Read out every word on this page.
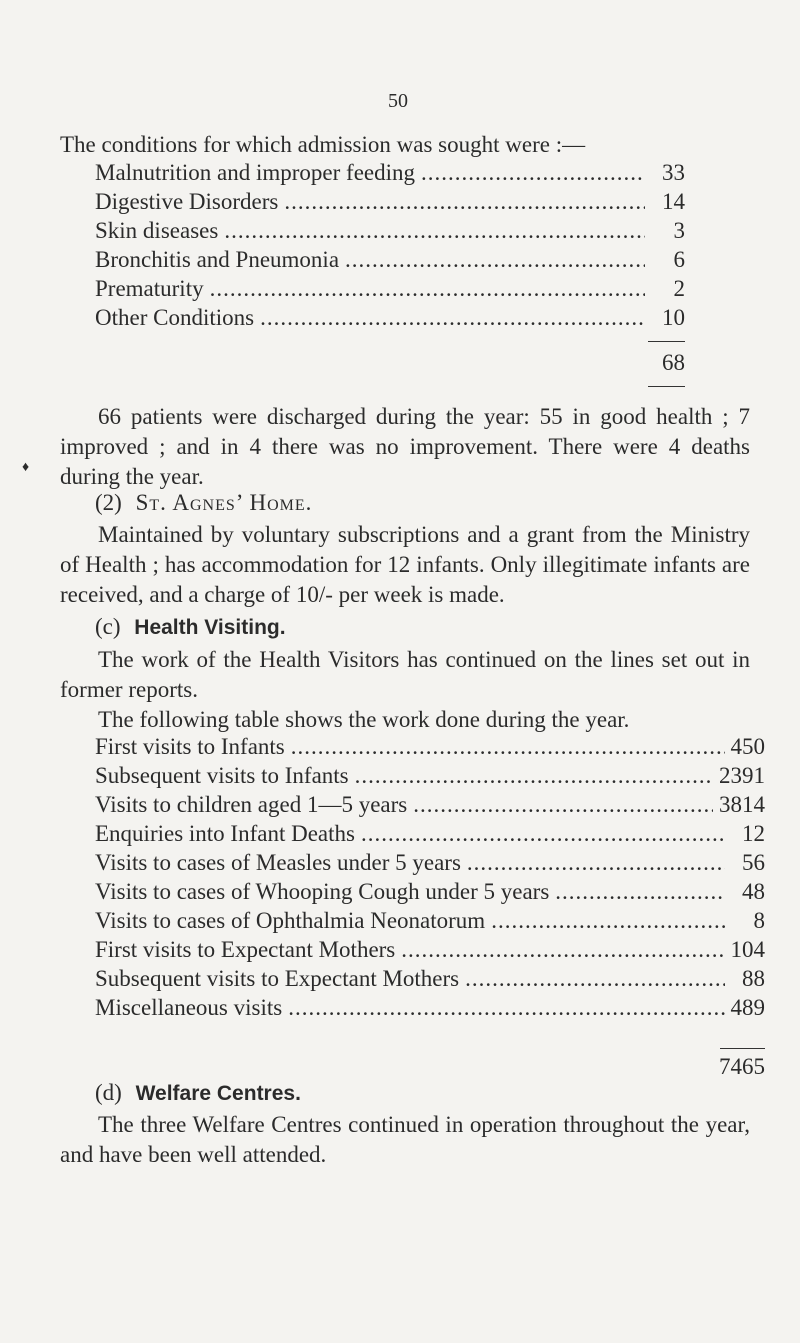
50
The conditions for which admission was sought were :—
Malnutrition and improper feeding .....	33
Digestive Disorders .....	14
Skin diseases .....	3
Bronchitis and Pneumonia .....	6
Prematurity .....	2
Other Conditions .....	10
68
66 patients were discharged during the year: 55 in good health ; 7 improved ; and in 4 there was no improvement. There were 4 deaths during the year.
♦
(2) St. Agnes’ Home.
Maintained by voluntary subscriptions and a grant from the Ministry of Health ; has accommodation for 12 infants. Only illegitimate infants are received, and a charge of 10/- per week is made.
(c) Health Visiting.
The work of the Health Visitors has continued on the lines set out in former reports.
The following table shows the work done during the year.
First visits to Infants .....	450
Subsequent visits to Infants .....	2391
Visits to children aged 1—5 years .....	3814
Enquiries into Infant Deaths .....	12
Visits to cases of Measles under 5 years .....	56
Visits to cases of Whooping Cough under 5 years .....	48
Visits to cases of Ophthalmia Neonatorum .....	8
First visits to Expectant Mothers .....	104
Subsequent visits to Expectant Mothers .....	88
Miscellaneous visits .....	489
7465
(d) Welfare Centres.
The three Welfare Centres continued in operation throughout the year, and have been well attended.
